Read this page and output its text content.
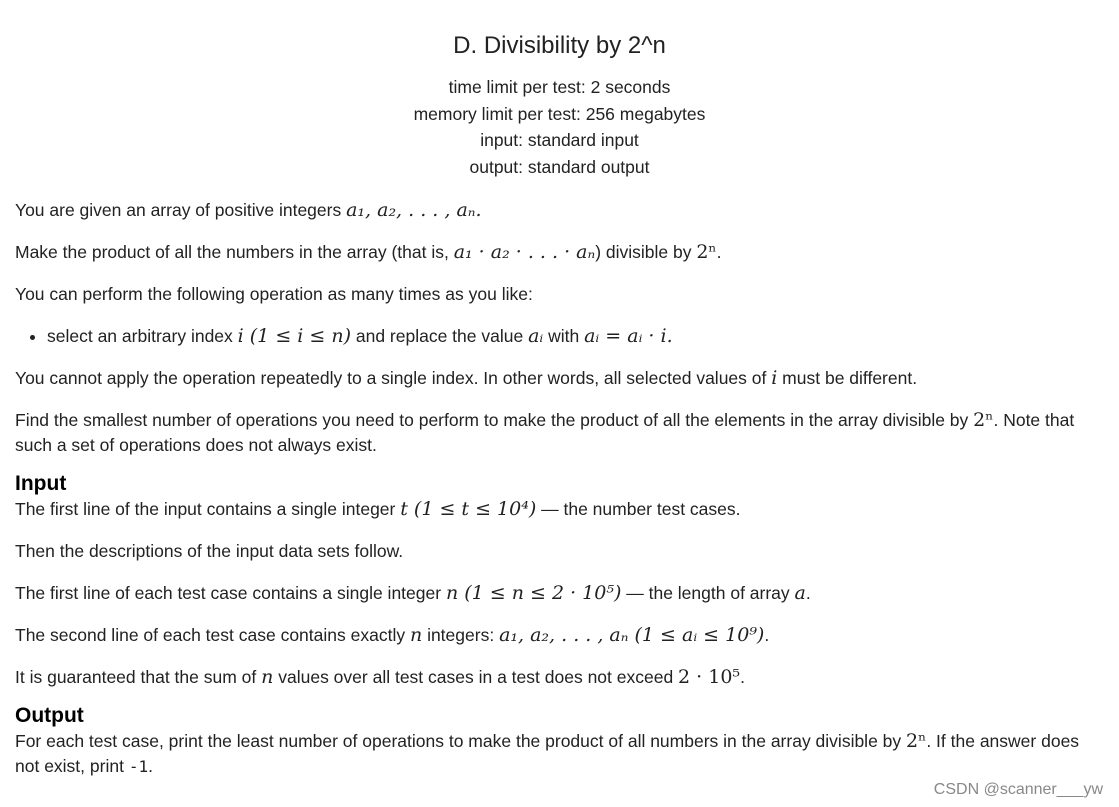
D. Divisibility by 2^n
time limit per test: 2 seconds
memory limit per test: 256 megabytes
input: standard input
output: standard output

You are given an array of positive integers a₁, a₂, . . . , aₙ.

Make the product of all the numbers in the array (that is, a₁ · a₂ · . . . · aₙ) divisible by 2ⁿ.

You can perform the following operation as many times as you like:

• select an arbitrary index i (1 ≤ i ≤ n) and replace the value aᵢ with aᵢ = aᵢ · i.

You cannot apply the operation repeatedly to a single index. In other words, all selected values of i must be different.

Find the smallest number of operations you need to perform to make the product of all the elements in the array divisible by 2ⁿ. Note that such a set of operations does not always exist.

Input

The first line of the input contains a single integer t (1 ≤ t ≤ 10⁴) — the number test cases.

Then the descriptions of the input data sets follow.

The first line of each test case contains a single integer n (1 ≤ n ≤ 2 · 10⁵) — the length of array a.

The second line of each test case contains exactly n integers: a₁, a₂, . . . , aₙ (1 ≤ aᵢ ≤ 10⁹).

It is guaranteed that the sum of n values over all test cases in a test does not exceed 2 · 10⁵.

Output

For each test case, print the least number of operations to make the product of all numbers in the array divisible by 2ⁿ. If the answer does not exist, print -1.

CSDN @scanner___yw
